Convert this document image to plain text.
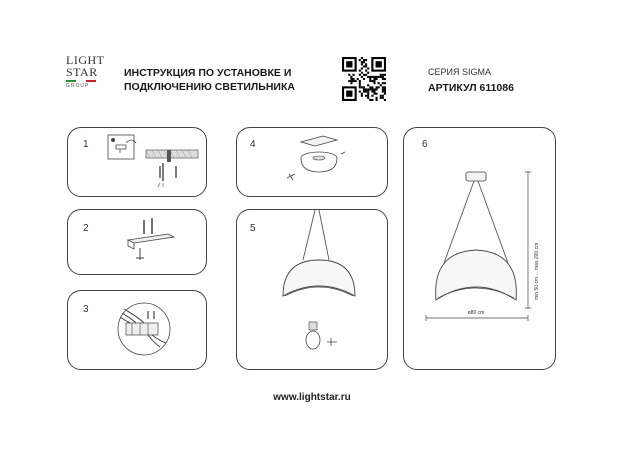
LIGHT
STAR
GROUP
ИНСТРУКЦИЯ ПО УСТАНОВКЕ И
ПОДКЛЮЧЕНИЮ СВЕТИЛЬНИКА
СЕРИЯ SIGMA
АРТИКУЛ 611086
1
2
3
4
5
6
min 50 cm ... max 200 cm
ø80 cm
www.lightstar.ru
